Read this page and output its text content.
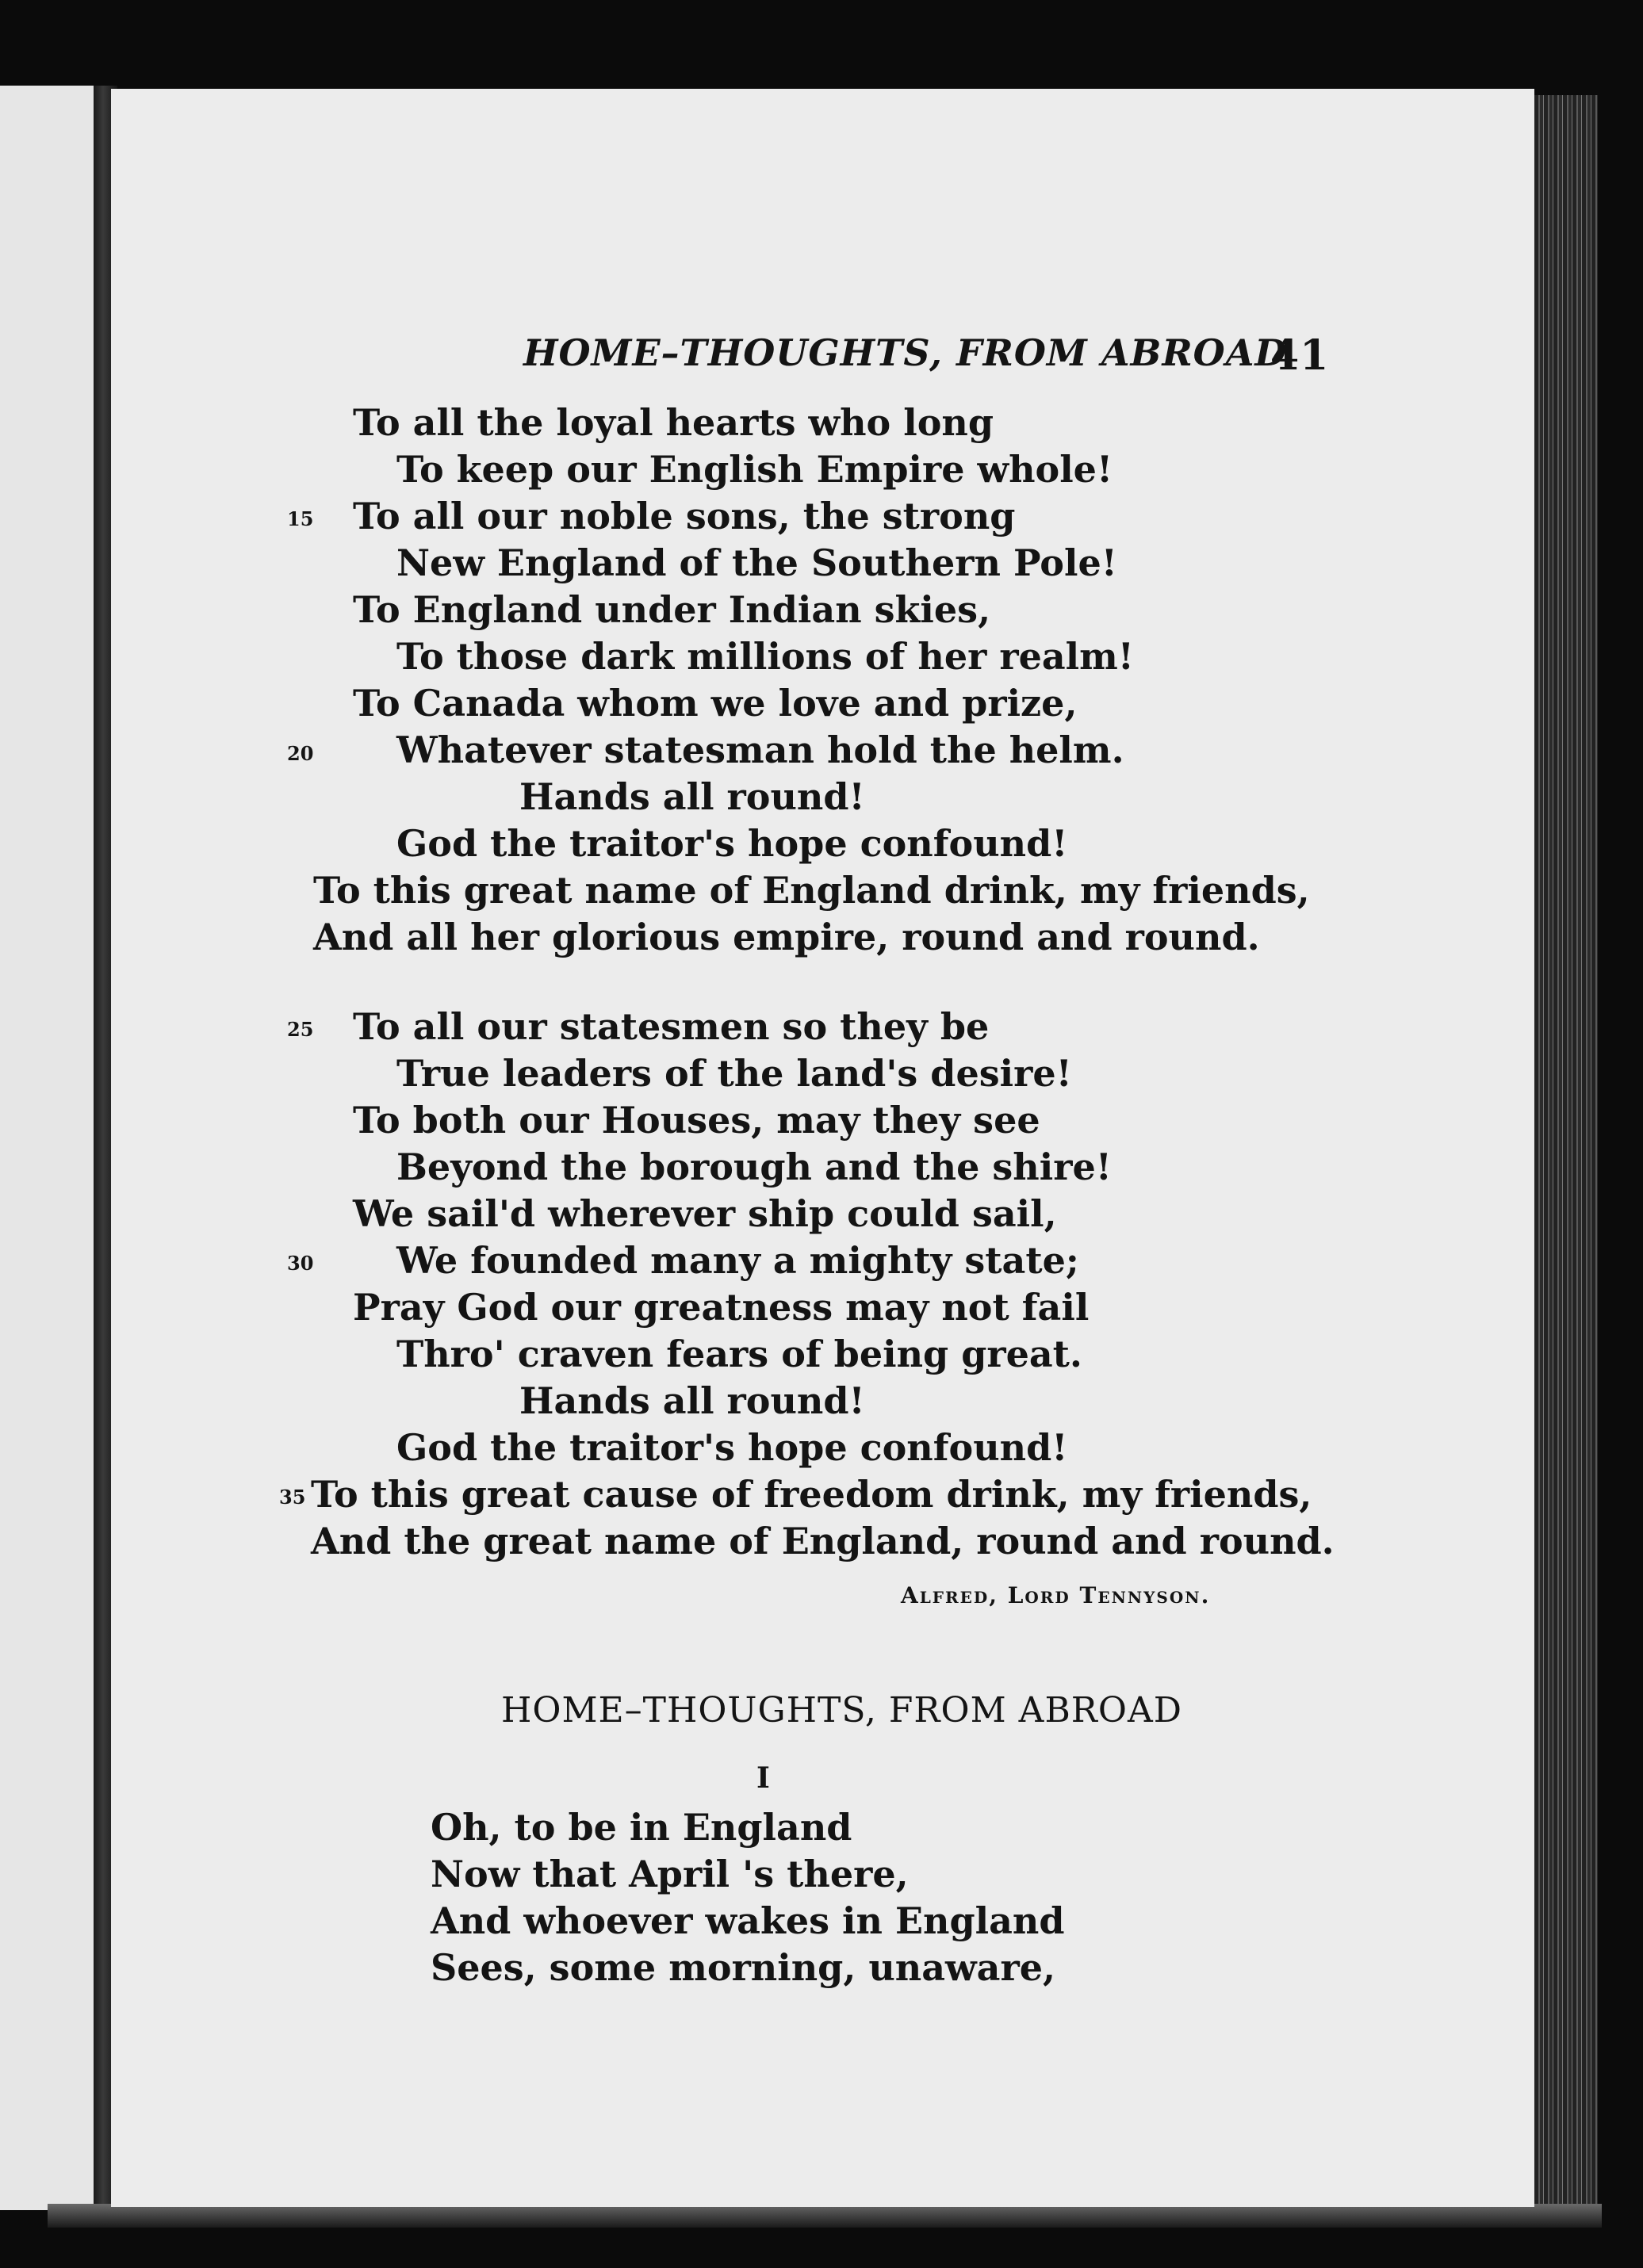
HOME–THOUGHTS, FROM ABROAD
41
To all the loyal hearts who long
To keep our English Empire whole!
15 To all our noble sons, the strong
New England of the Southern Pole!
To England under Indian skies,
To those dark millions of her realm!
To Canada whom we love and prize,
20 Whatever statesman hold the helm.
Hands all round!
God the traitor's hope confound!
To this great name of England drink, my friends,
And all her glorious empire, round and round.
25 To all our statesmen so they be
True leaders of the land's desire!
To both our Houses, may they see
Beyond the borough and the shire!
We sail'd wherever ship could sail,
30 We founded many a mighty state;
Pray God our greatness may not fail
Thro' craven fears of being great.
Hands all round!
God the traitor's hope confound!
35 To this great cause of freedom drink, my friends,
And the great name of England, round and round.
Alfred, Lord Tennyson.
HOME–THOUGHTS, FROM ABROAD
I
Oh, to be in England
Now that April 's there,
And whoever wakes in England
Sees, some morning, unaware,
